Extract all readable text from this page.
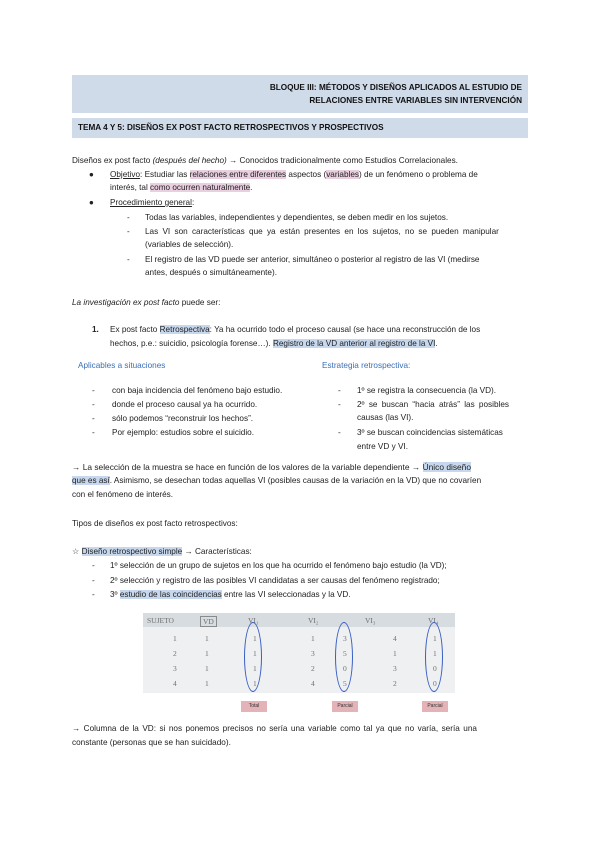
BLOQUE III: MÉTODOS Y DISEÑOS APLICADOS AL ESTUDIO DE
RELACIONES ENTRE VARIABLES SIN INTERVENCIÓN
TEMA 4 Y 5: DISEÑOS EX POST FACTO RETROSPECTIVOS Y PROSPECTIVOS
Diseños ex post facto (después del hecho) → Conocidos tradicionalmente como Estudios Correlacionales.
● Objetivo: Estudiar las relaciones entre diferentes aspectos (variables) de un fenómeno o problema de
interés, tal como ocurren naturalmente.
● Procedimiento general:
- Todas las variables, independientes y dependientes, se deben medir en los sujetos.
- Las VI son características que ya están presentes en los sujetos, no se pueden manipular
(variables de selección).
- El registro de las VD puede ser anterior, simultáneo o posterior al registro de las VI (medirse
antes, después o simultáneamente).
La investigación ex post facto puede ser:
1. Ex post facto Retrospectiva: Ya ha ocurrido todo el proceso causal (se hace una reconstrucción de los
hechos, p.e.: suicidio, psicología forense…). Registro de la VD anterior al registro de la VI.
Aplicables a situaciones	Estrategia retrospectiva:
- con baja incidencia del fenómeno bajo estudio.
- donde el proceso causal ya ha ocurrido.
- sólo podemos “reconstruir los hechos”.
- Por ejemplo: estudios sobre el suicidio.
- 1º se registra la consecuencia (la VD).
- 2º se buscan “hacia atrás” las posibles
causas (las VI).
- 3º se buscan coincidencias sistemáticas
entre VD y VI.
→ La selección de la muestra se hace en función de los valores de la variable dependiente → Único diseño
que es así. Asimismo, se desechan todas aquellas VI (posibles causas de la variación en la VD) que no covaríen
con el fenómeno de interés.
Tipos de diseños ex post facto retrospectivos:
☆ Diseño retrospectivo simple → Características:
- 1º selección de un grupo de sujetos en los que ha ocurrido el fenómeno bajo estudio (la VD);
- 2º selección y registro de las posibles VI candidatas a ser causas del fenómeno registrado;
- 3º estudio de las coincidencias entre las VI seleccionadas y la VD.
SUJETO	VD	VI₁	VI₂	VI₃	VI₄
1	1	1	1	3	4	1
2	1	1	3	5	1	1
3	1	1	2	0	3	0
4	1	1	4	5	2	0
Total	Parcial	Parcial
→ Columna de la VD: si nos ponemos precisos no sería una variable como tal ya que no varía, sería una
constante (personas que se han suicidado).
